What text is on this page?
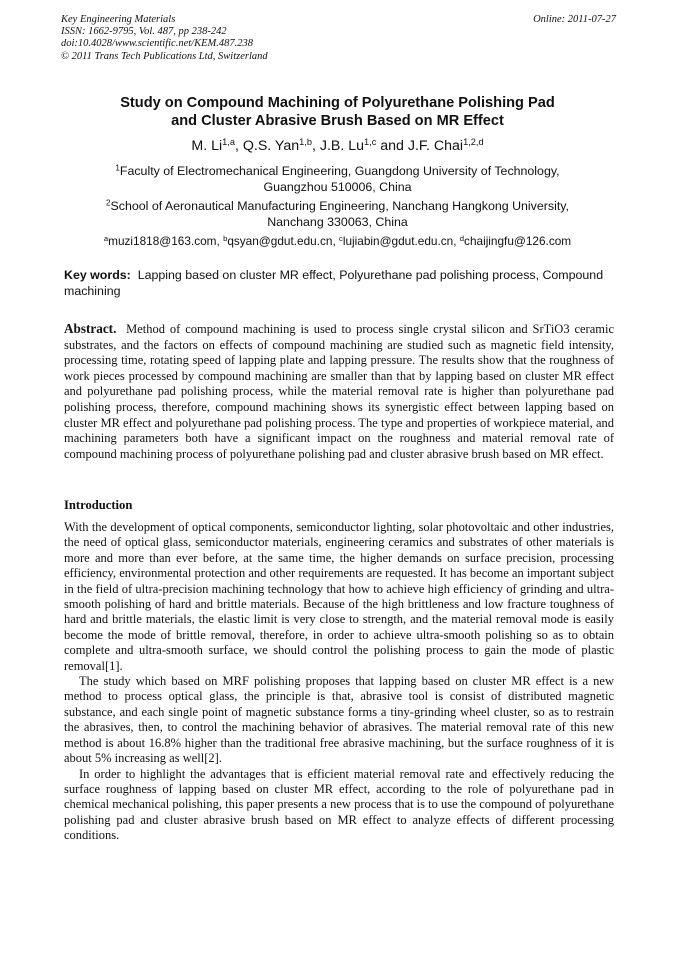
Key Engineering Materials
ISSN: 1662-9795, Vol. 487, pp 238-242
doi:10.4028/www.scientific.net/KEM.487.238
© 2011 Trans Tech Publications Ltd, Switzerland
Online: 2011-07-27
Study on Compound Machining of Polyurethane Polishing Pad
and Cluster Abrasive Brush Based on MR Effect
M. Li$^{1,a}$, Q.S. Yan$^{1,b}$, J.B. Lu$^{1,c}$ and J.F. Chai$^{1,2,d}$
$^1$Faculty of Electromechanical Engineering, Guangdong University of Technology,
Guangzhou 510006, China
$^2$School of Aeronautical Manufacturing Engineering, Nanchang Hangkong University,
Nanchang 330063, China
$^a$muzi1818@163.com, $^b$qsyan@gdut.edu.cn, $^c$lujiabin@gdut.edu.cn, $^d$chaijingfu@126.com
Key words: Lapping based on cluster MR effect, Polyurethane pad polishing process, Compound machining
Abstract. Method of compound machining is used to process single crystal silicon and SrTiO3 ceramic substrates, and the factors on effects of compound machining are studied such as magnetic field intensity, processing time, rotating speed of lapping plate and lapping pressure. The results show that the roughness of work pieces processed by compound machining are smaller than that by lapping based on cluster MR effect and polyurethane pad polishing process, while the material removal rate is higher than polyurethane pad polishing process, therefore, compound machining shows its synergistic effect between lapping based on cluster MR effect and polyurethane pad polishing process. The type and properties of workpiece material, and machining parameters both have a significant impact on the roughness and material removal rate of compound machining process of polyurethane polishing pad and cluster abrasive brush based on MR effect.
Introduction

With the development of optical components, semiconductor lighting, solar photovoltaic and other industries, the need of optical glass, semiconductor materials, engineering ceramics and substrates of other materials is more and more than ever before, at the same time, the higher demands on surface precision, processing efficiency, environmental protection and other requirements are requested. It has become an important subject in the field of ultra-precision machining technology that how to achieve high efficiency of grinding and ultra-smooth polishing of hard and brittle materials. Because of the high brittleness and low fracture toughness of hard and brittle materials, the elastic limit is very close to strength, and the material removal mode is easily become the mode of brittle removal, therefore, in order to achieve ultra-smooth polishing so as to obtain complete and ultra-smooth surface, we should control the polishing process to gain the mode of plastic removal[1].

The study which based on MRF polishing proposes that lapping based on cluster MR effect is a new method to process optical glass, the principle is that, abrasive tool is consist of distributed magnetic substance, and each single point of magnetic substance forms a tiny-grinding wheel cluster, so as to restrain the abrasives, then, to control the machining behavior of abrasives. The material removal rate of this new method is about 16.8% higher than the traditional free abrasive machining, but the surface roughness of it is about 5% increasing as well[2].

In order to highlight the advantages that is efficient material removal rate and effectively reducing the surface roughness of lapping based on cluster MR effect, according to the role of polyurethane pad in chemical mechanical polishing, this paper presents a new process that is to use the compound of polyurethane polishing pad and cluster abrasive brush based on MR effect to analyze effects of different processing conditions.
